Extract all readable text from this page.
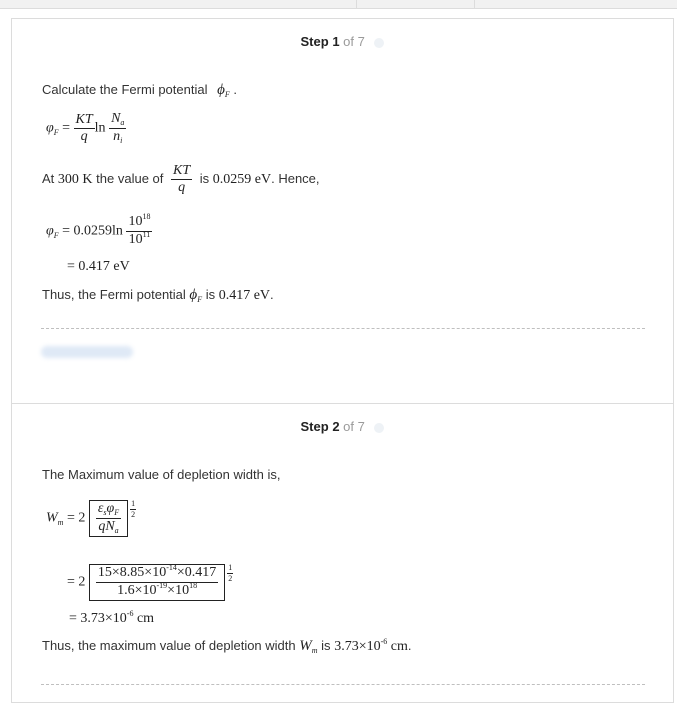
Step 1 of 7
Calculate the Fermi potential $\phi_F$ .
$\varphi_F = \frac{KT}{q}$ $\ln \frac{N_a}{n_i}$
At 300 K the value of $\frac{KT}{q}$ is 0.0259 eV. Hence,
$\varphi_F = 0.0259\ln \frac{10^{18}}{10^{11}}$
= 0.417 eV
Thus, the Fermi potential $\phi_F$ is 0.417 eV.
Step 2 of 7
The Maximum value of depletion width is,
$W_m = 2 \frac{\varepsilon_s\varphi_F}{qN_a} \frac{1}{2}$
= $2 \frac{15\times 8.85\times 10^{-14}\times 0.417}{1.6\times 10^{-19}\times 10^{18}} \frac{1}{2}$
= $3.73\times 10^{-6}$ cm
Thus, the maximum value of depletion width $W_m$ is $3.73\times 10^{-6}$ cm.
